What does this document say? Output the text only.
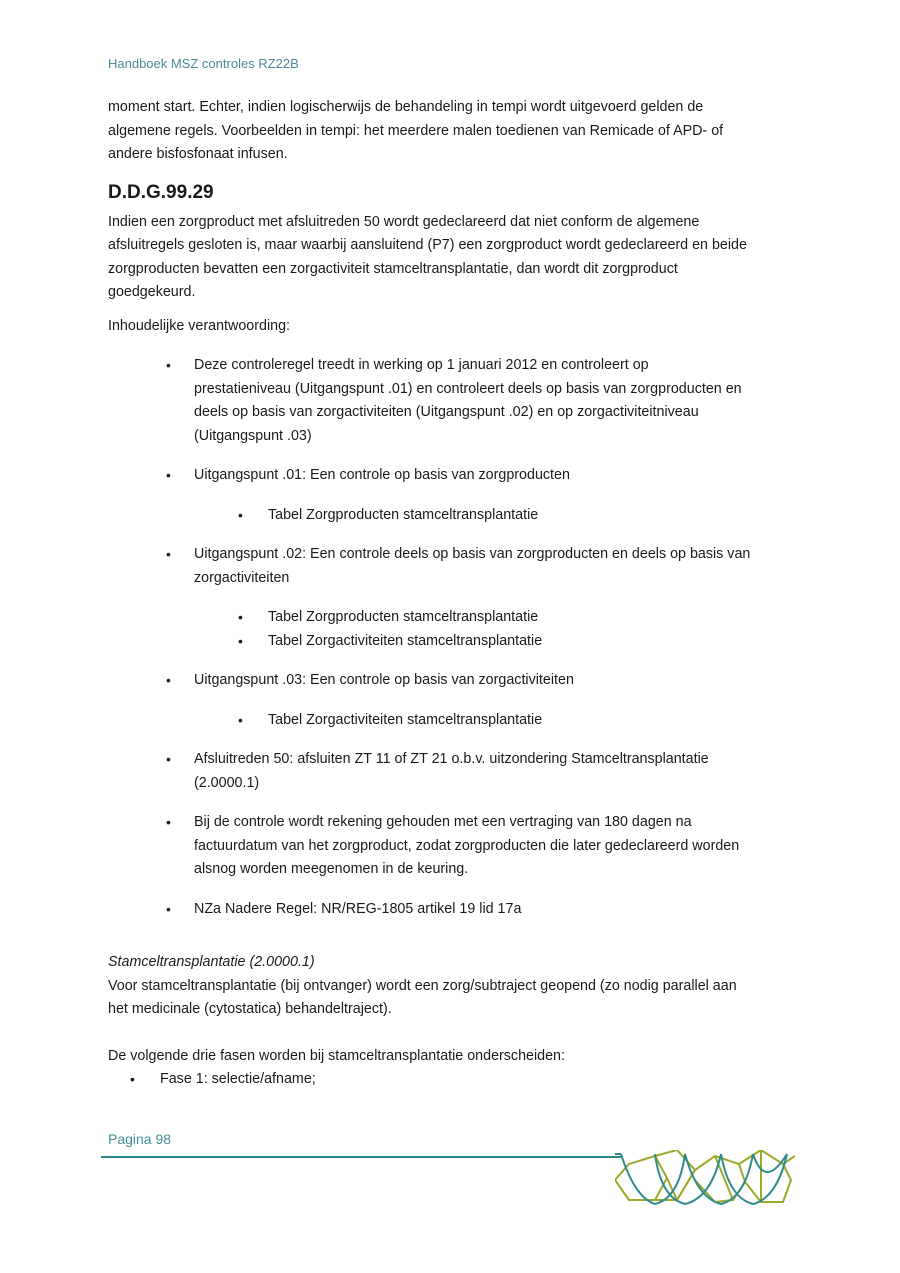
Handboek MSZ controles RZ22B

moment start. Echter, indien logischerwijs de behandeling in tempi wordt uitgevoerd gelden de

algemene regels. Voorbeelden in tempi: het meerdere malen toedienen van Remicade of APD- of

andere bisfosfonaat infusen.

D.D.G.99.29

Indien een zorgproduct met afsluitreden 50 wordt gedeclareerd dat niet conform de algemene

afsluitregels gesloten is, maar waarbij aansluitend (P7) een zorgproduct wordt gedeclareerd en beide

zorgproducten bevatten een zorgactiviteit stamceltransplantatie, dan wordt dit zorgproduct

goedgekeurd.

Inhoudelijke verantwoording:

• Deze controleregel treedt in werking op 1 januari 2012 en controleert op

prestatieniveau (Uitgangspunt .01) en controleert deels op basis van zorgproducten en

deels op basis van zorgactiviteiten (Uitgangspunt .02) en op zorgactiviteitniveau

(Uitgangspunt .03)

• Uitgangspunt .01: Een controle op basis van zorgproducten

• Tabel Zorgproducten stamceltransplantatie

• Uitgangspunt .02: Een controle deels op basis van zorgproducten en deels op basis van

zorgactiviteiten

• Tabel Zorgproducten stamceltransplantatie

• Tabel Zorgactiviteiten stamceltransplantatie

• Uitgangspunt .03: Een controle op basis van zorgactiviteiten

• Tabel Zorgactiviteiten stamceltransplantatie

• Afsluitreden 50: afsluiten ZT 11 of ZT 21 o.b.v. uitzondering Stamceltransplantatie

(2.0000.1)

• Bij de controle wordt rekening gehouden met een vertraging van 180 dagen na

factuurdatum van het zorgproduct, zodat zorgproducten die later gedeclareerd worden

alsnog worden meegenomen in de keuring.

• NZa Nadere Regel: NR/REG-1805 artikel 19 lid 17a

Stamceltransplantatie (2.0000.1)

Voor stamceltransplantatie (bij ontvanger) wordt een zorg/subtraject geopend (zo nodig parallel aan

het medicinale (cytostatica) behandeltraject).

De volgende drie fasen worden bij stamceltransplantatie onderscheiden:

• Fase 1: selectie/afname;

Pagina 98
